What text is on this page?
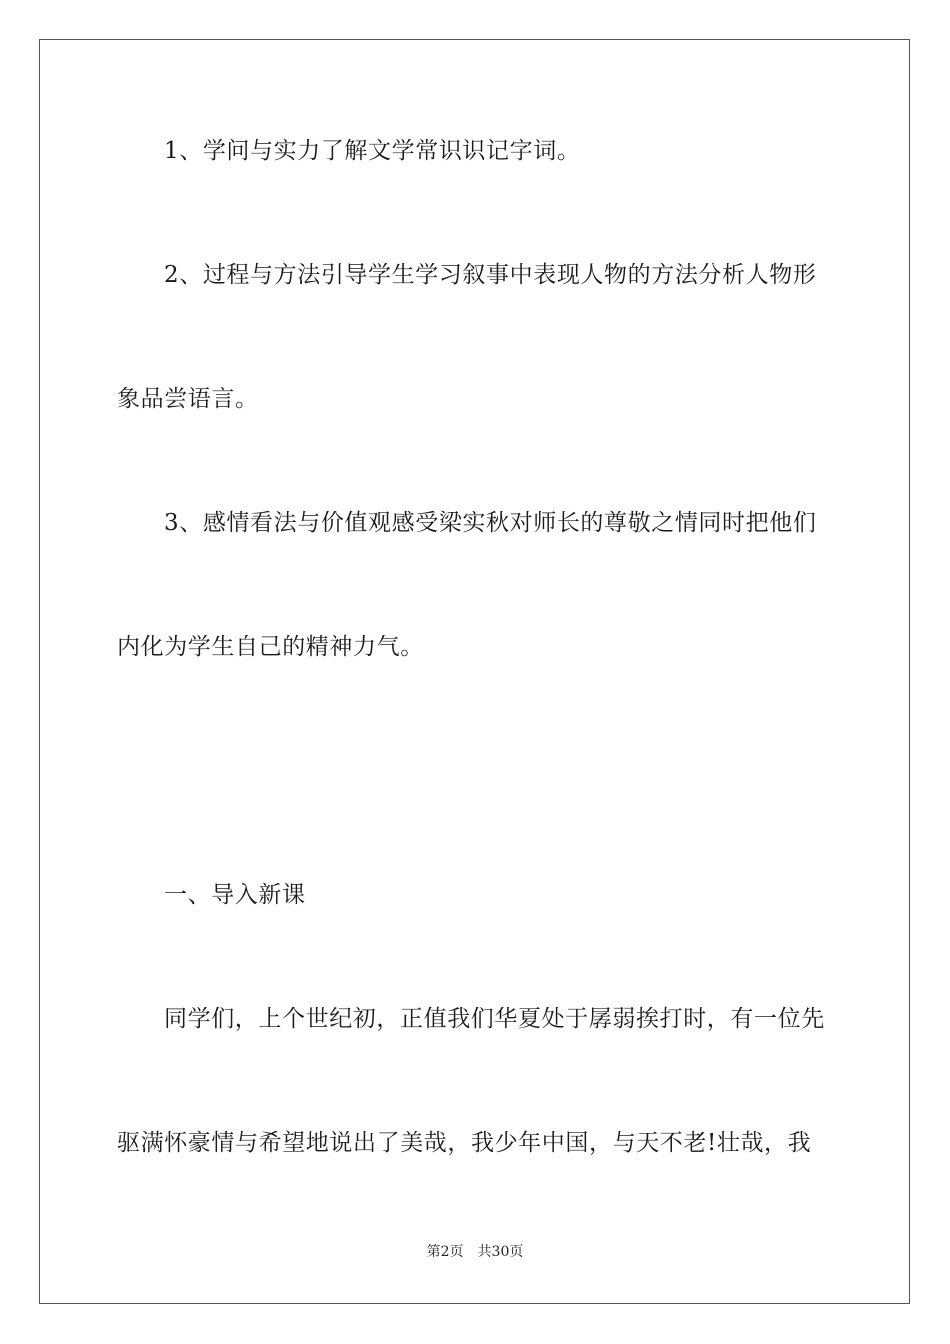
1、学问与实力了解文学常识识记字词。
2、过程与方法引导学生学习叙事中表现人物的方法分析人物形
象品尝语言。
3、感情看法与价值观感受梁实秋对师长的尊敬之情同时把他们
内化为学生自己的精神力气。
一、导入新课
同学们，上个世纪初，正值我们华夏处于孱弱挨打时，有一位先
驱满怀豪情与希望地说出了美哉，我少年中国，与天不老!壮哉，我
第2页 共30页
